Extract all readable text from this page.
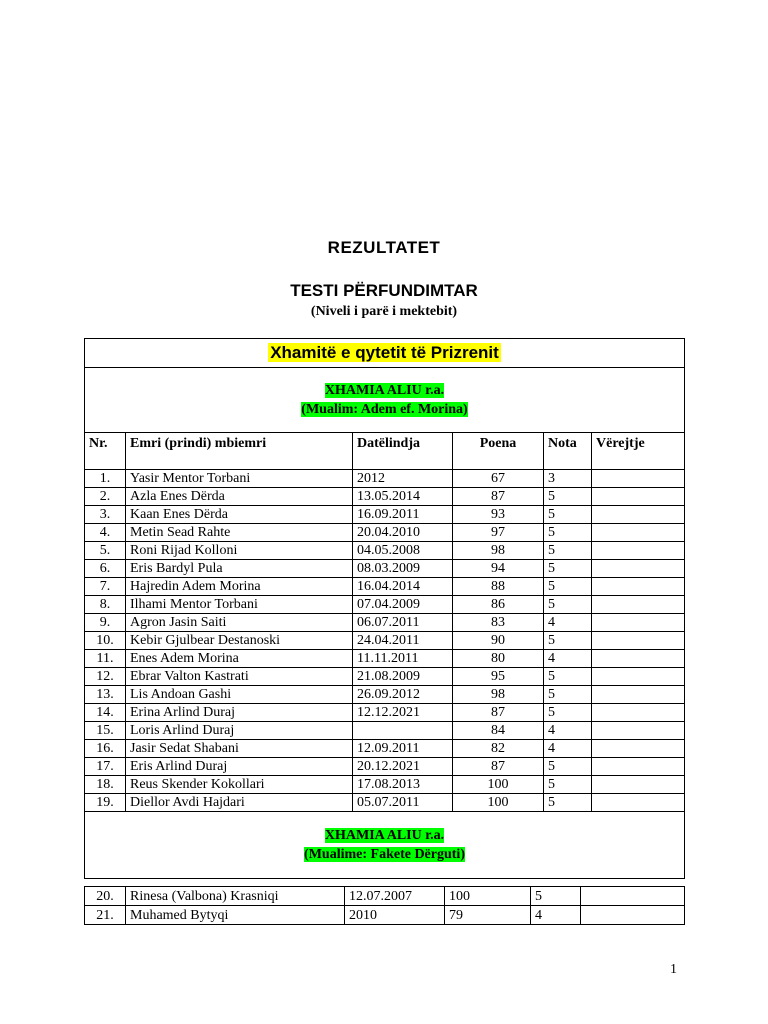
REZULTATET
TESTI PËRFUNDIMTAR
(Niveli i parë i mektebit)
Xhamitë e qytetit të Prizrenit					
XHAMIA ALIU r.a.
(Mualim: Adem ef. Morina)					
Nr.	Emri (prindi) mbiemri	Datëlindja	Poena	Nota	Vërejtje
1.	Yasir Mentor Torbani	2012	67	3	
2.	Azla Enes Dërda	13.05.2014	87	5	
3.	Kaan Enes Dërda	16.09.2011	93	5	
4.	Metin Sead Rahte	20.04.2010	97	5	
5.	Roni Rijad Kolloni	04.05.2008	98	5	
6.	Eris Bardyl Pula	08.03.2009	94	5	
7.	Hajredin Adem Morina	16.04.2014	88	5	
8.	Ilhami Mentor Torbani	07.04.2009	86	5	
9.	Agron Jasin Saiti	06.07.2011	83	4	
10.	Kebir Gjulbear Destanoski	24.04.2011	90	5	
11.	Enes Adem Morina	11.11.2011	80	4	
12.	Ebrar Valton Kastrati	21.08.2009	95	5	
13.	Lis Andoan Gashi	26.09.2012	98	5	
14.	Erina Arlind Duraj	12.12.2021	87	5	
15.	Loris Arlind Duraj		84	4	
16.	Jasir Sedat Shabani	12.09.2011	82	4	
17.	Eris Arlind Duraj	20.12.2021	87	5	
18.	Reus Skender Kokollari	17.08.2013	100	5	
19.	Diellor Avdi Hajdari	05.07.2011	100	5	
XHAMIA ALIU r.a.
(Mualime: Fakete Dërguti)					
20.	Rinesa (Valbona) Krasniqi	12.07.2007	100	5	
21.	Muhamed Bytyqi	2010	79	4	
1
